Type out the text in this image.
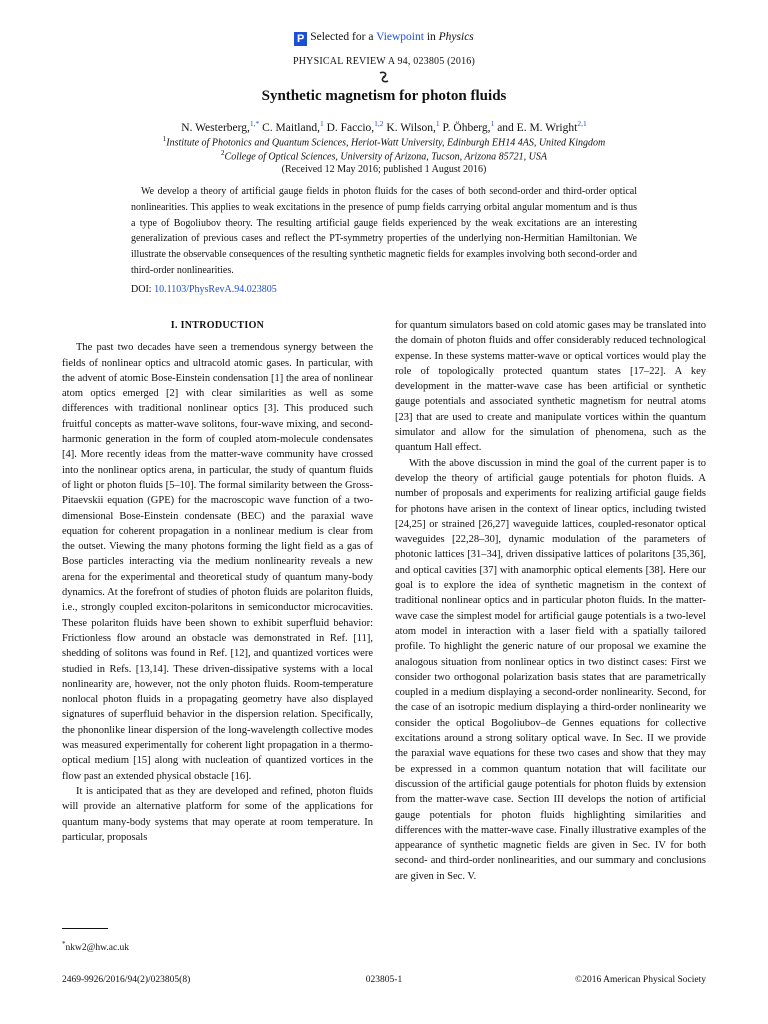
P Selected for a Viewpoint in Physics
PHYSICAL REVIEW A 94, 023805 (2016)
Synthetic magnetism for photon fluids
N. Westerberg,$^{1,*}$ C. Maitland,$^1$ D. Faccio,$^{1,2}$ K. Wilson,$^1$ P. Öhberg,$^1$ and E. M. Wright$^{2,1}$
$^1$Institute of Photonics and Quantum Sciences, Heriot-Watt University, Edinburgh EH14 4AS, United Kingdom
$^2$College of Optical Sciences, University of Arizona, Tucson, Arizona 85721, USA
(Received 12 May 2016; published 1 August 2016)
We develop a theory of artificial gauge fields in photon fluids for the cases of both second-order and third-order optical nonlinearities. This applies to weak excitations in the presence of pump fields carrying orbital angular momentum and is thus a type of Bogoliubov theory. The resulting artificial gauge fields experienced by the weak excitations are an interesting generalization of previous cases and reflect the PT-symmetry properties of the underlying non-Hermitian Hamiltonian. We illustrate the observable consequences of the resulting synthetic magnetic fields for examples involving both second-order and third-order nonlinearities.
DOI: 10.1103/PhysRevA.94.023805
I. INTRODUCTION

The past two decades have seen a tremendous synergy between the fields of nonlinear optics and ultracold atomic gases. In particular, with the advent of atomic Bose-Einstein condensation [1] the area of nonlinear atom optics emerged [2] with clear similarities as well as some differences with traditional nonlinear optics [3]. This produced such fruitful concepts as matter-wave solitons, four-wave mixing, and second-harmonic generation in the form of coupled atom-molecule condensates [4]. More recently ideas from the matter-wave community have crossed into the nonlinear optics arena, in particular, the study of quantum fluids of light or photon fluids [5–10]. The formal similarity between the Gross-Pitaevskii equation (GPE) for the macroscopic wave function of a two-dimensional Bose-Einstein condensate (BEC) and the paraxial wave equation for coherent propagation in a nonlinear medium is clear from the outset. Viewing the many photons forming the light field as a gas of Bose particles interacting via the medium nonlinearity reveals a new arena for the experimental and theoretical study of quantum many-body dynamics. At the forefront of studies of photon fluids are polariton fluids, i.e., strongly coupled exciton-polaritons in semiconductor microcavities. These polariton fluids have been shown to exhibit superfluid behavior: Frictionless flow around an obstacle was demonstrated in Ref. [11], shedding of solitons was found in Ref. [12], and quantized vortices were studied in Refs. [13,14]. These driven-dissipative systems with a local nonlinearity are, however, not the only photon fluids. Room-temperature nonlocal photon fluids in a propagating geometry have also displayed signatures of superfluid behavior in the dispersion relation. Specifically, the phononlike linear dispersion of the long-wavelength collective modes was measured experimentally for coherent light propagation in a thermo-optical medium [15] along with nucleation of quantized vortices in the flow past an extended physical obstacle [16].

It is anticipated that as they are developed and refined, photon fluids will provide an alternative platform for some of the applications for quantum many-body systems that may operate at room temperature. In particular, proposals

for quantum simulators based on cold atomic gases may be translated into the domain of photon fluids and offer considerably reduced technological expense. In these systems matter-wave or optical vortices would play the role of topologically protected quantum states [17–22]. A key development in the matter-wave case has been artificial or synthetic gauge potentials and associated synthetic magnetism for neutral atoms [23] that are used to create and manipulate vortices within the quantum simulator and allow for the simulation of phenomena, such as the quantum Hall effect.

With the above discussion in mind the goal of the current paper is to develop the theory of artificial gauge potentials for photon fluids. A number of proposals and experiments for realizing artificial gauge fields for photons have arisen in the context of linear optics, including twisted [24,25] or strained [26,27] waveguide lattices, coupled-resonator optical waveguides [22,28–30], dynamic modulation of the parameters of photonic lattices [31–34], driven dissipative lattices of polaritons [35,36], and optical cavities [37] with anamorphic optical elements [38]. Here our goal is to explore the idea of synthetic magnetism in the context of traditional nonlinear optics and in particular photon fluids. In the matter-wave case the simplest model for artificial gauge potentials is a two-level atom model in interaction with a laser field with a spatially tailored profile. To highlight the generic nature of our proposal we examine the analogous situation from nonlinear optics in two distinct cases: First we consider two orthogonal polarization basis states that are parametrically coupled in a medium displaying a second-order nonlinearity. Second, for the case of an isotropic medium displaying a third-order nonlinearity we consider the optical Bogoliubov–de Gennes equations for collective excitations around a strong solitary optical wave. In Sec. II we provide the paraxial wave equations for these two cases and show that they may be expressed in a common quantum notation that will facilitate our discussion of the artificial gauge potentials for photon fluids by extension from the matter-wave case. Section III develops the notion of artificial gauge potentials for photon fluids highlighting similarities and differences with the matter-wave case. Finally illustrative examples of the appearance of synthetic magnetic fields are given in Sec. IV for both second- and third-order nonlinearities, and our summary and conclusions are given in Sec. V.

*nkw2@hw.ac.uk
2469-9926/2016/94(2)/023805(8)	023805-1	©2016 American Physical Society
